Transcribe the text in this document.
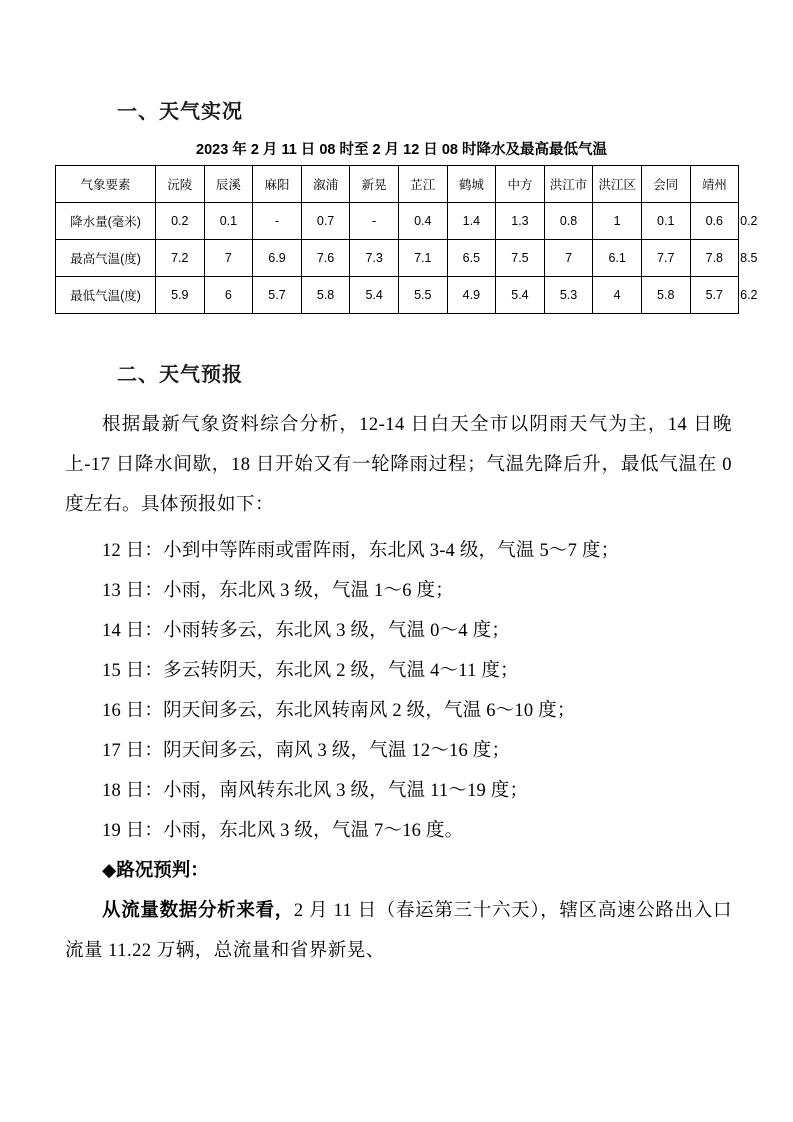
一、天气实况
2023 年 2 月 11 日 08 时至 2 月 12 日 08 时降水及最高最低气温
气象要素	沅陵	辰溪	麻阳	溆浦	新晃	芷江	鹤城	中方	洪江市	洪江区	会同	靖州	
降水量(毫米)	0.2	0.1	-	0.7	-	0.4	1.4	1.3	0.8	1	0.1	0.6	0.2
最高气温(度)	7.2	7	6.9	7.6	7.3	7.1	6.5	7.5	7	6.1	7.7	7.8	8.5
最低气温(度)	5.9	6	5.7	5.8	5.4	5.5	4.9	5.4	5.3	4	5.8	5.7	6.2
二、天气预报

根据最新气象资料综合分析，12-14 日白天全市以阴雨天气为主，14 日晚上-17 日降水间歇，18 日开始又有一轮降雨过程；气温先降后升，最低气温在 0 度左右。具体预报如下：

12 日：小到中等阵雨或雷阵雨，东北风 3-4 级，气温 5～7 度；

13 日：小雨，东北风 3 级，气温 1～6 度；

14 日：小雨转多云，东北风 3 级，气温 0～4 度；

15 日：多云转阴天，东北风 2 级，气温 4～11 度；

16 日：阴天间多云，东北风转南风 2 级，气温 6～10 度；

17 日：阴天间多云，南风 3 级，气温 12～16 度；

18 日：小雨，南风转东北风 3 级，气温 11～19 度；

19 日：小雨，东北风 3 级，气温 7～16 度。

◆路况预判：

从流量数据分析来看，2 月 11 日（春运第三十六天），辖区高速公路出入口流量 11.22 万辆，总流量和省界新晃、
